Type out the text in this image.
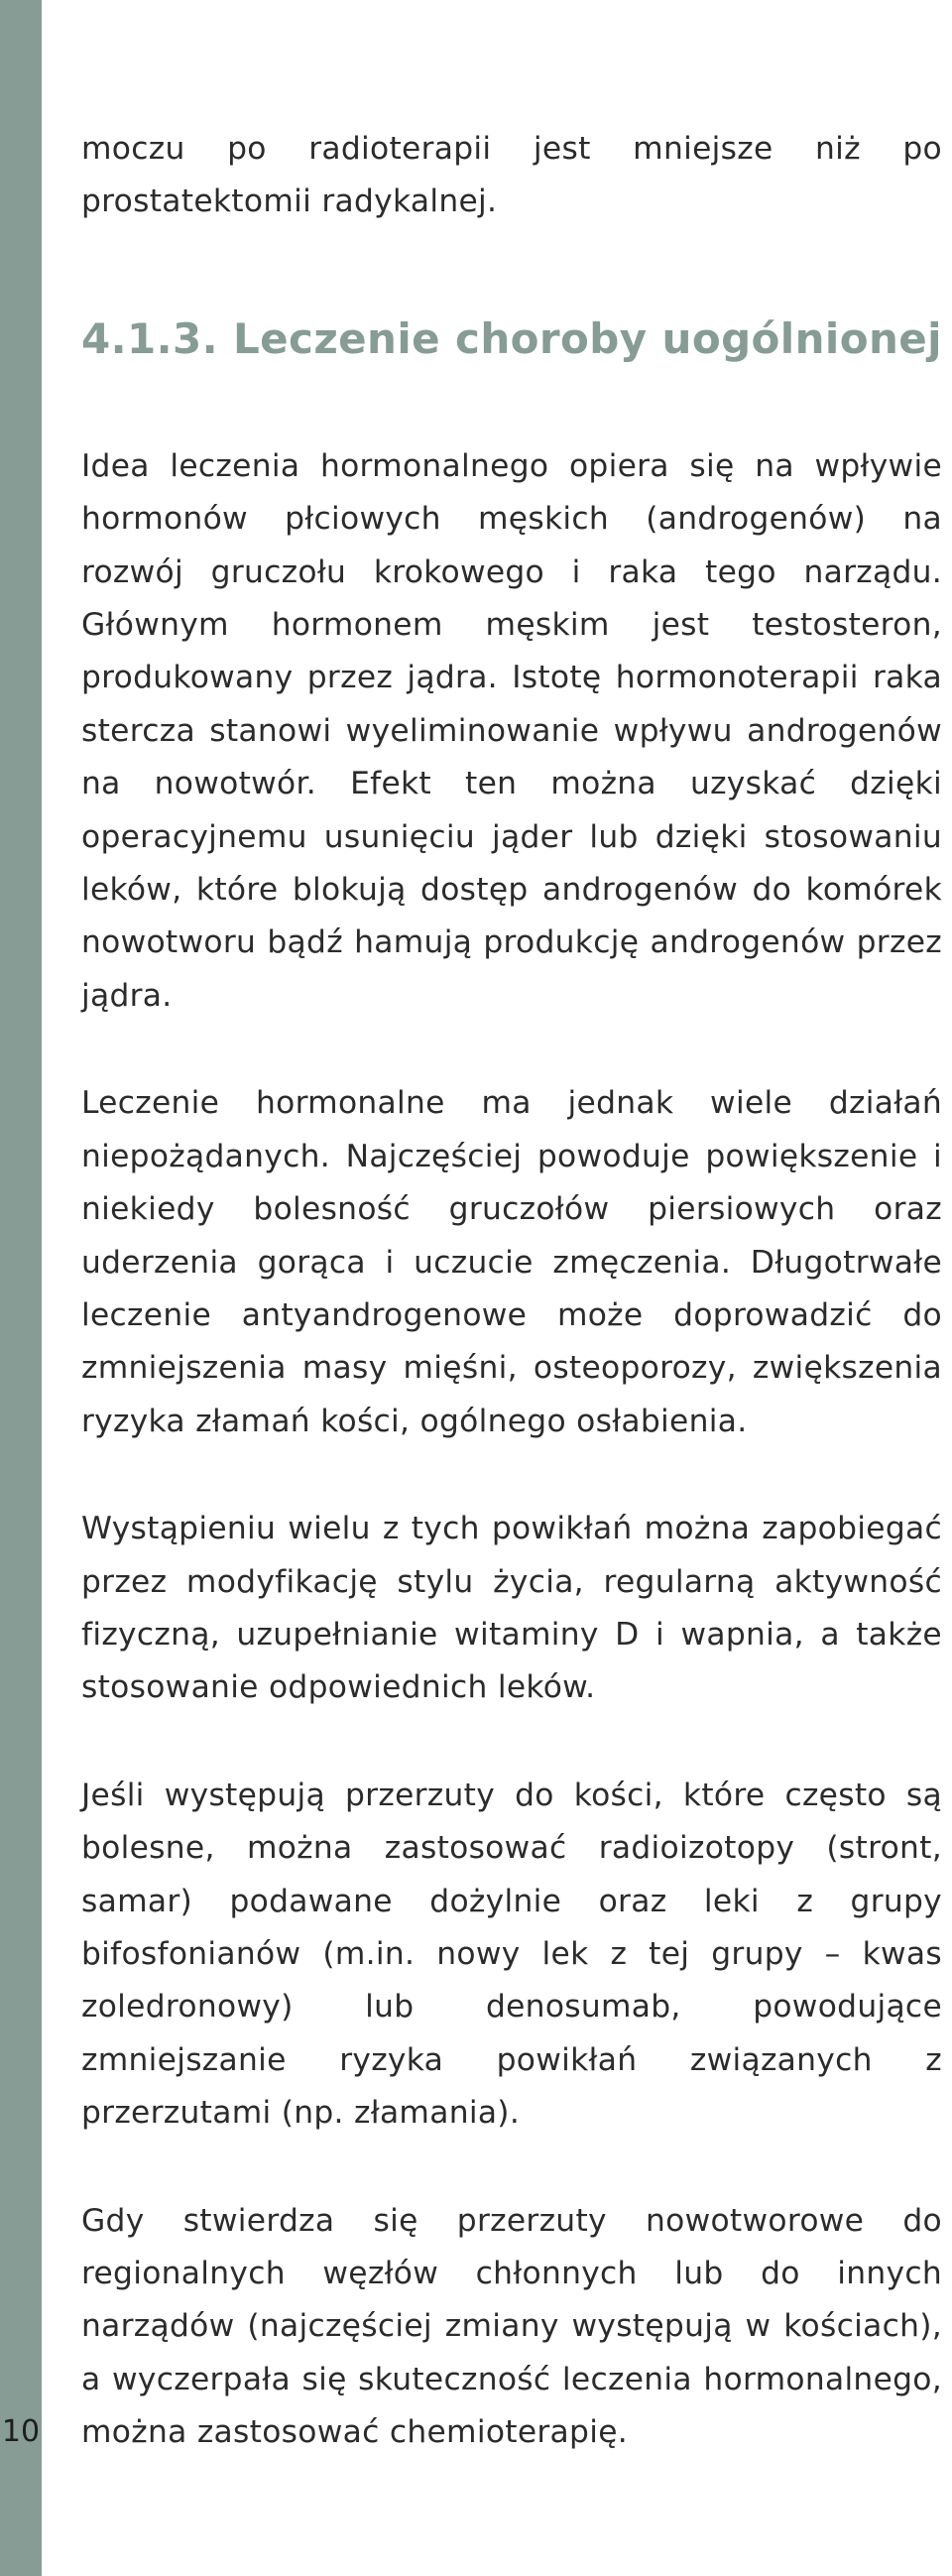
10

moczu po radioterapii jest mniejsze niż po prostatektomii radykalnej.

4.1.3. Leczenie choroby uogólnionej

Idea leczenia hormonalnego opiera się na wpływie hormonów płciowych męskich (androgenów) na rozwój gruczołu krokowego i raka tego narządu. Głównym hormonem męskim jest testosteron, produkowany przez jądra. Istotę hormonoterapii raka stercza stanowi wyeliminowanie wpływu androgenów na nowotwór. Efekt ten można uzyskać dzięki operacyjnemu usunięciu jąder lub dzięki stosowaniu leków, które blokują dostęp androgenów do komórek nowotworu bądź hamują produkcję androgenów przez jądra.

Leczenie hormonalne ma jednak wiele działań niepożądanych. Najczęściej powoduje powiększenie i niekiedy bolesność gruczołów piersiowych oraz uderzenia gorąca i uczucie zmęczenia. Długotrwałe leczenie antyandrogenowe może doprowadzić do zmniejszenia masy mięśni, osteoporozy, zwiększenia ryzyka złamań kości, ogólnego osłabienia.

Wystąpieniu wielu z tych powikłań można zapobiegać przez modyfikację stylu życia, regularną aktywność fizyczną, uzupełnianie witaminy D i wapnia, a także stosowanie odpowiednich leków.

Jeśli występują przerzuty do kości, które często są bolesne, można zastosować radioizotopy (stront, samar) podawane dożylnie oraz leki z grupy bifosfonianów (m.in. nowy lek z tej grupy – kwas zoledronowy) lub denosumab, powodujące zmniejszanie ryzyka powikłań związanych z przerzutami (np. złamania).

Gdy stwierdza się przerzuty nowotworowe do regionalnych węzłów chłonnych lub do innych narządów (najczęściej zmiany występują w kościach), a wyczerpała się skuteczność leczenia hormonalnego, można zastosować chemioterapię.
